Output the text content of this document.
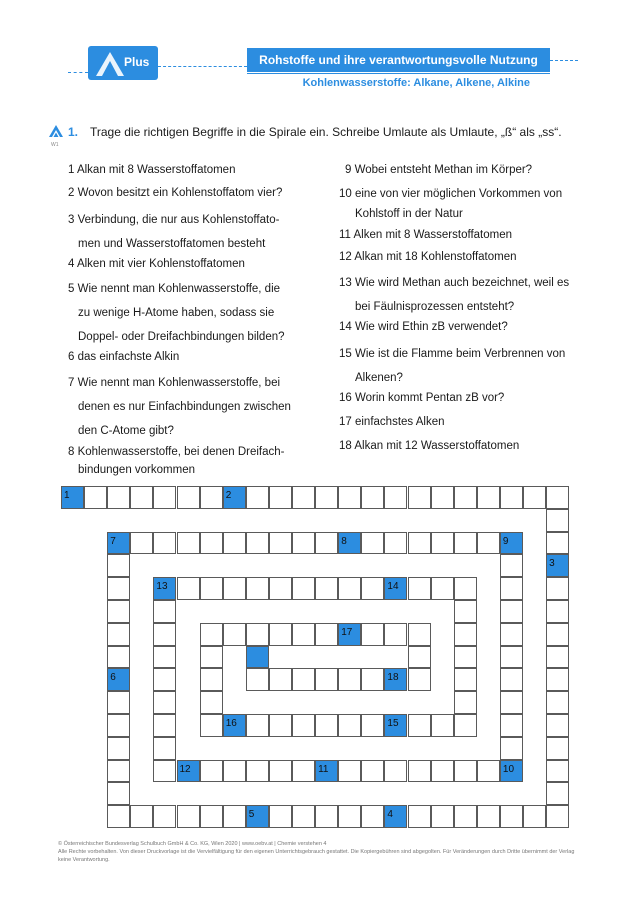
Plus	Rohstoffe und ihre verantwortungsvolle Nutzung
Kohlenwasserstoffe: Alkane, Alkene, Alkine
W1
1. Trage die richtigen Begriffe in die Spirale ein. Schreibe Umlaute als Umlaute, „ß“ als „ss“.
1 Alkan mit 8 Wasserstoffatomen
2 Wovon besitzt ein Kohlenstoffatom vier?
3 Verbindung, die nur aus Kohlenstoffato-
men und Wasserstoffatomen besteht
4 Alken mit vier Kohlenstoffatomen
5 Wie nennt man Kohlenwasserstoffe, die
zu wenige H-Atome haben, sodass sie
Doppel- oder Dreifachbindungen bilden?
6 das einfachste Alkin
7 Wie nennt man Kohlenwasserstoffe, bei
denen es nur Einfachbindungen zwischen
den C-Atome gibt?
8 Kohlenwasserstoffe, bei denen Dreifach-
bindungen vorkommen
9 Wobei entsteht Methan im Körper?
10 eine von vier möglichen Vorkommen von
Kohlstoff in der Natur
11 Alken mit 8 Wasserstoffatomen
12 Alkan mit 18 Kohlenstoffatomen
13 Wie wird Methan auch bezeichnet, weil es
bei Fäulnisprozessen entsteht?
14 Wie wird Ethin zB verwendet?
15 Wie ist die Flamme beim Verbrennen von
Alkenen?
16 Worin kommt Pentan zB vor?
17 einfachstes Alken
18 Alkan mit 12 Wasserstoffatomen
1	2
3
5	4
7
6
8	9
10
12	11
13	14
16	15
17
18
© Österreichischer Bundesverlag Schulbuch GmbH & Co. KG, Wien 2020 | www.oebv.at | Chemie verstehen 4
Alle Rechte vorbehalten. Von dieser Druckvorlage ist die Vervielfältigung für den eigenen Unterrichtsgebrauch gestattet. Die Kopiergebühren sind abgegolten. Für Veränderungen durch Dritte übernimmt der Verlag keine Verantwortung.
